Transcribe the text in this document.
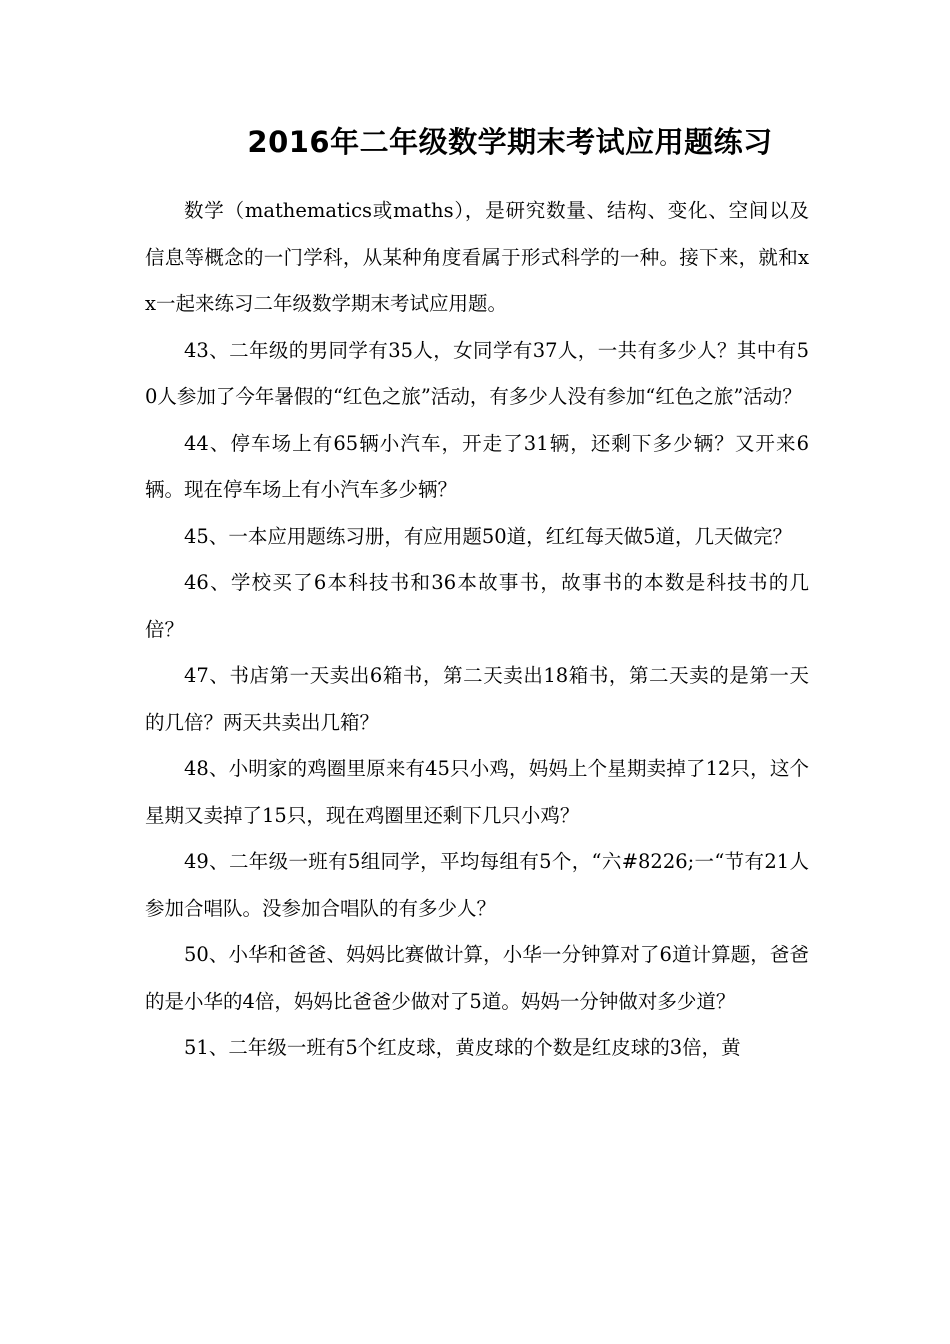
2016年二年级数学期末考试应用题练习

数学（mathematics或maths），是研究数量、结构、变化、空间以及信息等概念的一门学科，从某种角度看属于形式科学的一种。接下来，就和xx一起来练习二年级数学期末考试应用题。

43、二年级的男同学有35人，女同学有37人，一共有多少人？其中有50人参加了今年暑假的“红色之旅”活动，有多少人没有参加“红色之旅”活动？

44、停车场上有65辆小汽车，开走了31辆，还剩下多少辆？又开来6辆。现在停车场上有小汽车多少辆？

45、一本应用题练习册，有应用题50道，红红每天做5道，几天做完？

46、学校买了6本科技书和36本故事书，故事书的本数是科技书的几倍？

47、书店第一天卖出6箱书，第二天卖出18箱书，第二天卖的是第一天的几倍？两天共卖出几箱？

48、小明家的鸡圈里原来有45只小鸡，妈妈上个星期卖掉了12只，这个星期又卖掉了15只，现在鸡圈里还剩下几只小鸡？

49、二年级一班有5组同学，平均每组有5个，“六#8226;一“节有21人参加合唱队。没参加合唱队的有多少人？

50、小华和爸爸、妈妈比赛做计算，小华一分钟算对了6道计算题，爸爸的是小华的4倍，妈妈比爸爸少做对了5道。妈妈一分钟做对多少道？

51、二年级一班有5个红皮球，黄皮球的个数是红皮球的3倍，黄
